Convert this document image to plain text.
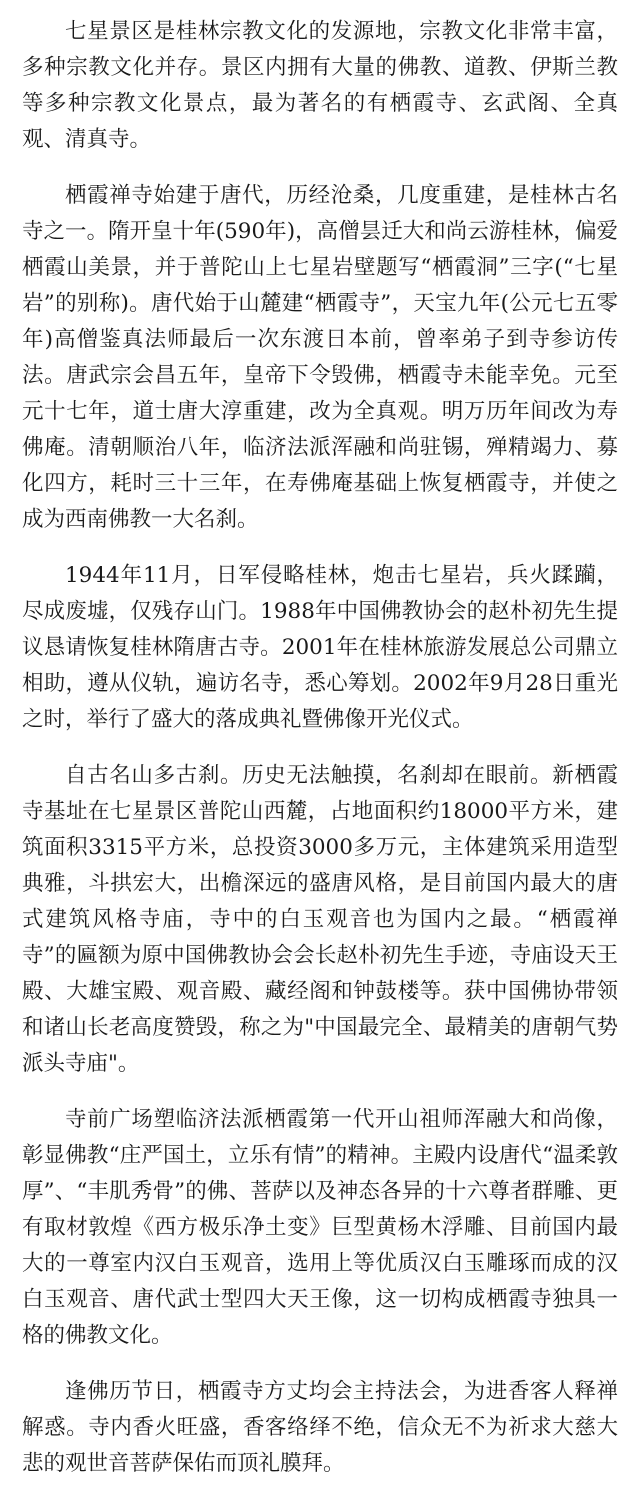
七星景区是桂林宗教文化的发源地，宗教文化非常丰富，多种宗教文化并存。景区内拥有大量的佛教、道教、伊斯兰教等多种宗教文化景点，最为著名的有栖霞寺、玄武阁、全真观、清真寺。

栖霞禅寺始建于唐代，历经沧桑，几度重建，是桂林古名寺之一。隋开皇十年(590年)，高僧昙迁大和尚云游桂林，偏爱栖霞山美景，并于普陀山上七星岩壁题写“栖霞洞”三字(“七星岩”的别称)。唐代始于山麓建“栖霞寺”，天宝九年(公元七五零年)高僧鉴真法师最后一次东渡日本前，曾率弟子到寺参访传法。唐武宗会昌五年，皇帝下令毁佛，栖霞寺未能幸免。元至元十七年，道士唐大淳重建，改为全真观。明万历年间改为寿佛庵。清朝顺治八年，临济法派浑融和尚驻锡，殚精竭力、募化四方，耗时三十三年，在寿佛庵基础上恢复栖霞寺，并使之成为西南佛教一大名刹。

1944年11月，日军侵略桂林，炮击七星岩，兵火蹂躏，尽成废墟，仅残存山门。1988年中国佛教协会的赵朴初先生提议恳请恢复桂林隋唐古寺。2001年在桂林旅游发展总公司鼎立相助，遵从仪轨，遍访名寺，悉心筹划。2002年9月28日重光之时，举行了盛大的落成典礼暨佛像开光仪式。

自古名山多古刹。历史无法触摸，名刹却在眼前。新栖霞寺基址在七星景区普陀山西麓，占地面积约18000平方米，建筑面积3315平方米，总投资3000多万元，主体建筑采用造型典雅，斗拱宏大，出檐深远的盛唐风格，是目前国内最大的唐式建筑风格寺庙，寺中的白玉观音也为国内之最。“栖霞禅寺”的匾额为原中国佛教协会会长赵朴初先生手迹，寺庙设天王殿、大雄宝殿、观音殿、藏经阁和钟鼓楼等。获中国佛协带领和诸山长老高度赞毁，称之为"中国最完全、最精美的唐朝气势派头寺庙"。

寺前广场塑临济法派栖霞第一代开山祖师浑融大和尚像，彰显佛教“庄严国土，立乐有情”的精神。主殿内设唐代“温柔敦厚”、“丰肌秀骨”的佛、菩萨以及神态各异的十六尊者群雕、更有取材敦煌《西方极乐净土变》巨型黄杨木浮雕、目前国内最大的一尊室内汉白玉观音，选用上等优质汉白玉雕琢而成的汉白玉观音、唐代武士型四大天王像，这一切构成栖霞寺独具一格的佛教文化。

逢佛历节日，栖霞寺方丈均会主持法会，为进香客人释禅解惑。寺内香火旺盛，香客络绎不绝，信众无不为祈求大慈大悲的观世音菩萨保佑而顶礼膜拜。
